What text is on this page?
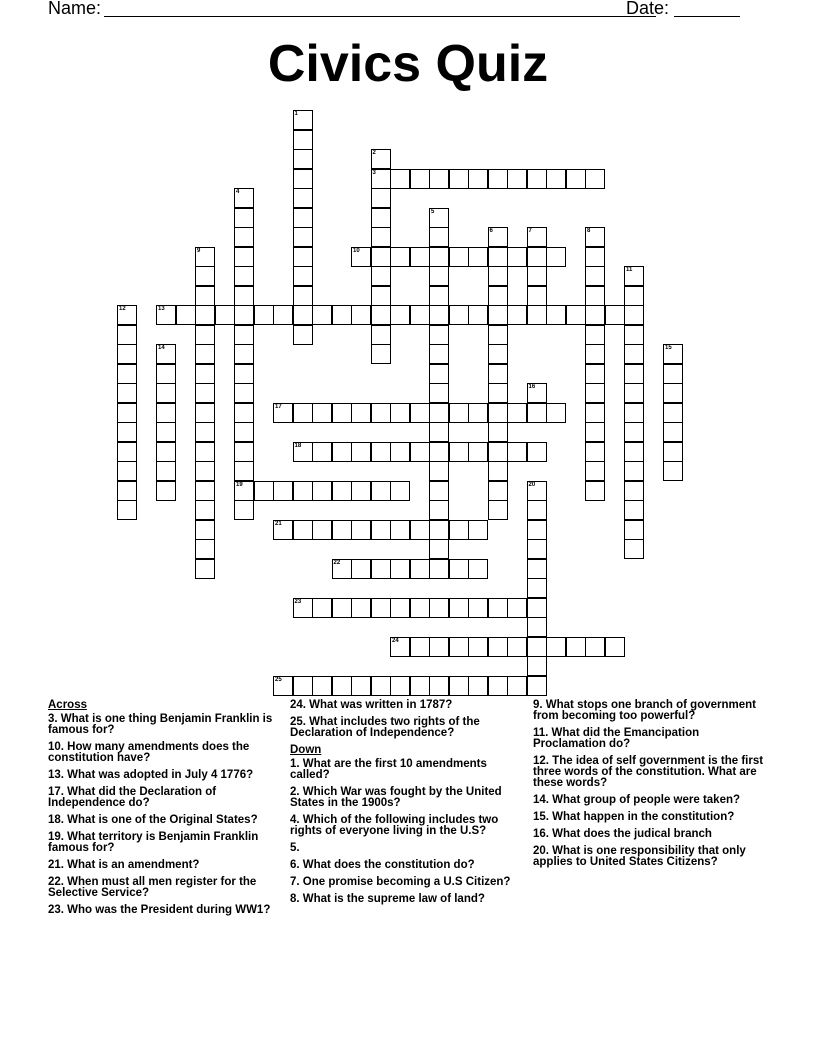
Name:	Date:
Civics Quiz
1
2
3
4
19
5
6	7	8
9	10
11
12	13
14	15
16
17
18
20
21
22
23
24
25
Across
3. What is one thing Benjamin Franklin is famous for?
10. How many amendments does the constitution have?
13. What was adopted in July 4 1776?
17. What did the Declaration of Independence do?
18. What is one of the Original States?
19. What territory is Benjamin Franklin famous for?
21. What is an amendment?
22. When must all men register for the Selective Service?
23. Who was the President during WW1?
24. What was written in 1787?
25. What includes two rights of the Declaration of Independence?
Down
1. What are the first 10 amendments called?
2. Which War was fought by the United States in the 1900s?
4. Which of the following includes two rights of everyone living in the U.S?
5.
6. What does the constitution do?
7. One promise becoming a U.S Citizen?
8. What is the supreme law of land?
9. What stops one branch of government from becoming too powerful?
11. What did the Emancipation Proclamation do?
12. The idea of self government is the first three words of the constitution. What are these words?
14. What group of people were taken?
15. What happen in the constitution?
16. What does the judical branch
20. What is one responsibility that only applies to United States Citizens?
